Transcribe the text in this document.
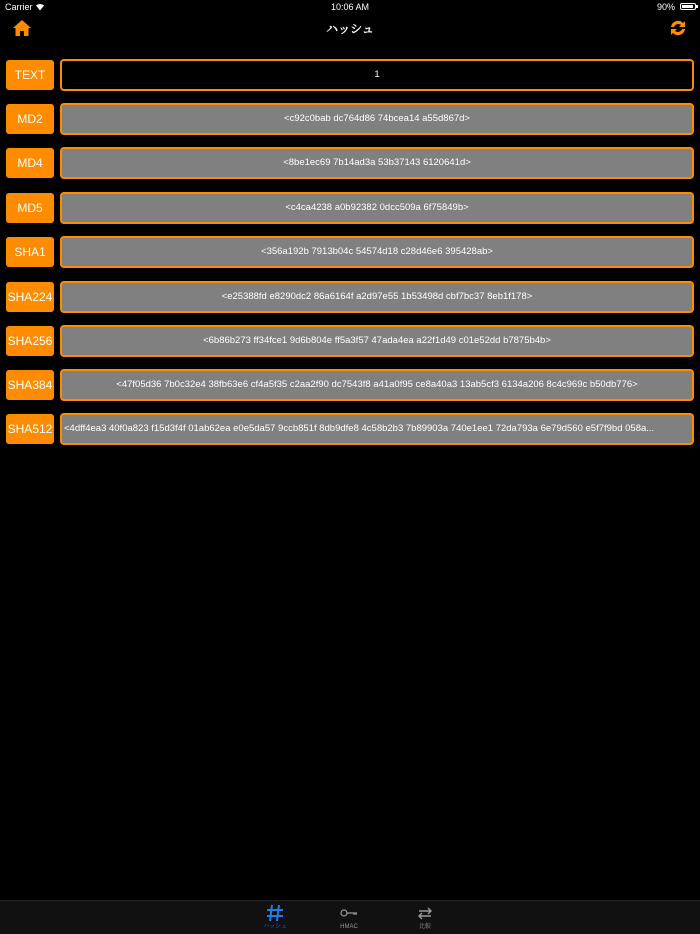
Carrier	10:06 AM	90%
ハッシュ
TEXT	1
MD2	<c92c0bab dc764d86 74bcea14 a55d867d>
MD4	<8be1ec69 7b14ad3a 53b37143 6120641d>
MD5	<c4ca4238 a0b92382 0dcc509a 6f75849b>
SHA1	<356a192b 7913b04c 54574d18 c28d46e6 395428ab>
SHA224	<e25388fd e8290dc2 86a6164f a2d97e55 1b53498d cbf7bc37 8eb1f178>
SHA256	<6b86b273 ff34fce1 9d6b804e ff5a3f57 47ada4ea a22f1d49 c01e52dd b7875b4b>
SHA384	<47f05d36 7b0c32e4 38fb63e6 cf4a5f35 c2aa2f90 dc7543f8 a41a0f95 ce8a40a3 13ab5cf3 6134a206 8c4c969c b50db776>
SHA512	<4dff4ea3 40f0a823 f15d3f4f 01ab62ea e0e5da57 9ccb851f 8db9dfe8 4c58b2b3 7b89903a 740e1ee1 72da793a 6e79d560 e5f7f9bd 058a...
ハッシュ	HMAC	比較
